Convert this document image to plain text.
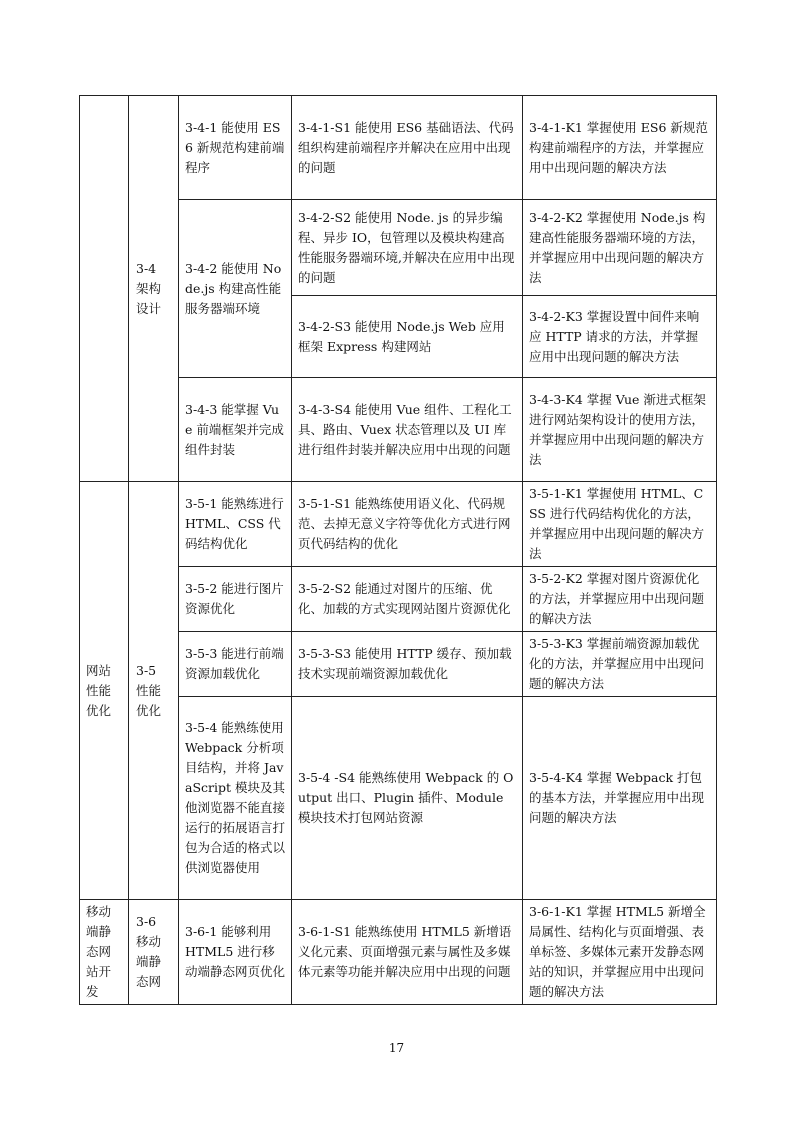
	3-4 架构设计	3-4-1 能使用 ES6 新规范构建前端程序	3-4-1-S1 能使用 ES6 基础语法、代码组织构建前端程序并解决在应用中出现的问题	3-4-1-K1 掌握使用 ES6 新规范构建前端程序的方法，并掌握应用中出现问题的解决方法
		3-4-2 能使用 Node.js 构建高性能服务器端环境	3-4-2-S2 能使用 Node. js 的异步编程、异步 IO，包管理以及模块构建高性能服务器端环境,并解决在应用中出现的问题	3-4-2-K2 掌握使用 Node.js 构建高性能服务器端环境的方法，并掌握应用中出现问题的解决方法
			3-4-2-S3 能使用 Node.js Web 应用框架 Express 构建网站	3-4-2-K3 掌握设置中间件来响应 HTTP 请求的方法，并掌握应用中出现问题的解决方法
		3-4-3 能掌握 Vue 前端框架并完成组件封装	3-4-3-S4 能使用 Vue 组件、工程化工具、路由、Vuex 状态管理以及 UI 库进行组件封装并解决应用中出现的问题	3-4-3-K4 掌握 Vue 渐进式框架进行网站架构设计的使用方法，并掌握应用中出现问题的解决方法
网站性能优化	3-5 性能优化	3-5-1 能熟练进行 HTML、CSS 代码结构优化	3-5-1-S1 能熟练使用语义化、代码规范、去掉无意义字符等优化方式进行网页代码结构的优化	3-5-1-K1 掌握使用 HTML、CSS 进行代码结构优化的方法，并掌握应用中出现问题的解决方法
		3-5-2 能进行图片资源优化	3-5-2-S2 能通过对图片的压缩、优化、加载的方式实现网站图片资源优化	3-5-2-K2 掌握对图片资源优化的方法，并掌握应用中出现问题的解决方法
		3-5-3 能进行前端资源加载优化	3-5-3-S3 能使用 HTTP 缓存、预加载技术实现前端资源加载优化	3-5-3-K3 掌握前端资源加载优化的方法，并掌握应用中出现问题的解决方法
		3-5-4 能熟练使用 Webpack 分析项目结构，并将 JavaScript 模块及其他浏览器不能直接运行的拓展语言打包为合适的格式以供浏览器使用	3-5-4 -S4 能熟练使用 Webpack 的 Output 出口、Plugin 插件、Module 模块技术打包网站资源	3-5-4-K4 掌握 Webpack 打包的基本方法，并掌握应用中出现问题的解决方法
移动端静态网站开发	3-6 移动端静态网	3-6-1 能够利用 HTML5 进行移动端静态网页优化	3-6-1-S1 能熟练使用 HTML5 新增语义化元素、页面增强元素与属性及多媒体元素等功能并解决应用中出现的问题	3-6-1-K1 掌握 HTML5 新增全局属性、结构化与页面增强、表单标签、多媒体元素开发静态网站的知识，并掌握应用中出现问题的解决方法
17
